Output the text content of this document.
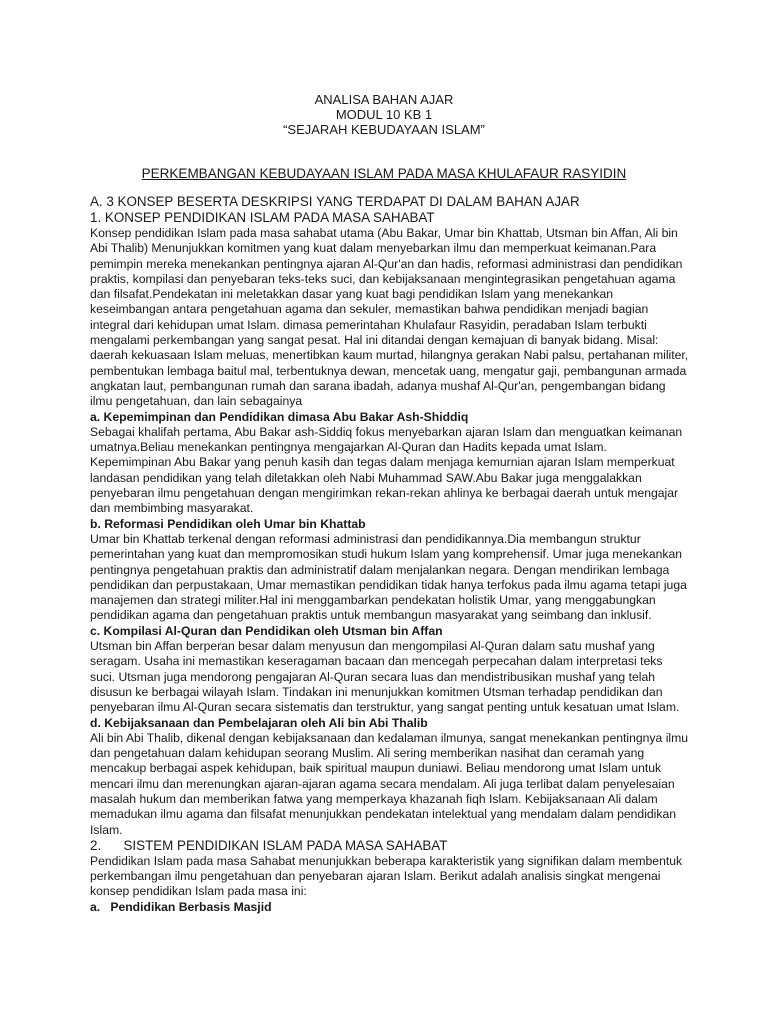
ANALISA BAHAN AJAR
MODUL 10 KB 1
“SEJARAH KEBUDAYAAN ISLAM”
PERKEMBANGAN KEBUDAYAAN ISLAM PADA MASA KHULAFAUR RASYIDIN
A. 3 KONSEP BESERTA DESKRIPSI YANG TERDAPAT DI DALAM BAHAN AJAR
1. KONSEP PENDIDIKAN ISLAM PADA MASA SAHABAT

Konsep pendidikan Islam pada masa sahabat utama (Abu Bakar, Umar bin Khattab, Utsman bin Affan, Ali bin Abi Thalib) Menunjukkan komitmen yang kuat dalam menyebarkan ilmu dan memperkuat keimanan.Para pemimpin mereka menekankan pentingnya ajaran Al-Qur'an dan hadis, reformasi administrasi dan pendidikan praktis, kompilasi dan penyebaran teks-teks suci, dan kebijaksanaan mengintegrasikan pengetahuan agama dan filsafat.Pendekatan ini meletakkan dasar yang kuat bagi pendidikan Islam yang menekankan keseimbangan antara pengetahuan agama dan sekuler, memastikan bahwa pendidikan menjadi bagian integral dari kehidupan umat Islam. dimasa pemerintahan Khulafaur Rasyidin, peradaban Islam terbukti mengalami perkembangan yang sangat pesat. Hal ini ditandai dengan kemajuan di banyak bidang. Misal: daerah kekuasaan Islam meluas, menertibkan kaum murtad, hilangnya gerakan Nabi palsu, pertahanan militer, pembentukan lembaga baitul mal, terbentuknya dewan, mencetak uang, mengatur gaji, pembangunan armada angkatan laut, pembangunan rumah dan sarana ibadah, adanya mushaf Al-Qur'an, pengembangan bidang ilmu pengetahuan, dan lain sebagainya

a. Kepemimpinan dan Pendidikan dimasa Abu Bakar Ash-Shiddiq

Sebagai khalifah pertama, Abu Bakar ash-Siddiq fokus menyebarkan ajaran Islam dan menguatkan keimanan umatnya.Beliau menekankan pentingnya mengajarkan Al-Quran dan Hadits kepada umat Islam. Kepemimpinan Abu Bakar yang penuh kasih dan tegas dalam menjaga kemurnian ajaran Islam memperkuat landasan pendidikan yang telah diletakkan oleh Nabi Muhammad SAW.Abu Bakar juga menggalakkan penyebaran ilmu pengetahuan dengan mengirimkan rekan-rekan ahlinya ke berbagai daerah untuk mengajar dan membimbing masyarakat.

b. Reformasi Pendidikan oleh Umar bin Khattab

Umar bin Khattab terkenal dengan reformasi administrasi dan pendidikannya.Dia membangun struktur pemerintahan yang kuat dan mempromosikan studi hukum Islam yang komprehensif. Umar juga menekankan pentingnya pengetahuan praktis dan administratif dalam menjalankan negara. Dengan mendirikan lembaga pendidikan dan perpustakaan, Umar memastikan pendidikan tidak hanya terfokus pada ilmu agama tetapi juga manajemen dan strategi militer.Hal ini menggambarkan pendekatan holistik Umar, yang menggabungkan pendidikan agama dan pengetahuan praktis untuk membangun masyarakat yang seimbang dan inklusif.

c. Kompilasi Al-Quran dan Pendidikan oleh Utsman bin Affan

Utsman bin Affan berperan besar dalam menyusun dan mengompilasi Al-Quran dalam satu mushaf yang seragam. Usaha ini memastikan keseragaman bacaan dan mencegah perpecahan dalam interpretasi teks suci. Utsman juga mendorong pengajaran Al-Quran secara luas dan mendistribusikan mushaf yang telah disusun ke berbagai wilayah Islam. Tindakan ini menunjukkan komitmen Utsman terhadap pendidikan dan penyebaran ilmu Al-Quran secara sistematis dan terstruktur, yang sangat penting untuk kesatuan umat Islam.

d. Kebijaksanaan dan Pembelajaran oleh Ali bin Abi Thalib

Ali bin Abi Thalib, dikenal dengan kebijaksanaan dan kedalaman ilmunya, sangat menekankan pentingnya ilmu dan pengetahuan dalam kehidupan seorang Muslim. Ali sering memberikan nasihat dan ceramah yang mencakup berbagai aspek kehidupan, baik spiritual maupun duniawi. Beliau mendorong umat Islam untuk mencari ilmu dan merenungkan ajaran-ajaran agama secara mendalam. Ali juga terlibat dalam penyelesaian masalah hukum dan memberikan fatwa yang memperkaya khazanah fiqh Islam. Kebijaksanaan Ali dalam memadukan ilmu agama dan filsafat menunjukkan pendekatan intelektual yang mendalam dalam pendidikan Islam.

2.      SISTEM PENDIDIKAN ISLAM PADA MASA SAHABAT

Pendidikan Islam pada masa Sahabat menunjukkan beberapa karakteristik yang signifikan dalam membentuk perkembangan ilmu pengetahuan dan penyebaran ajaran Islam. Berikut adalah analisis singkat mengenai konsep pendidikan Islam pada masa ini:

a.   Pendidikan Berbasis Masjid
